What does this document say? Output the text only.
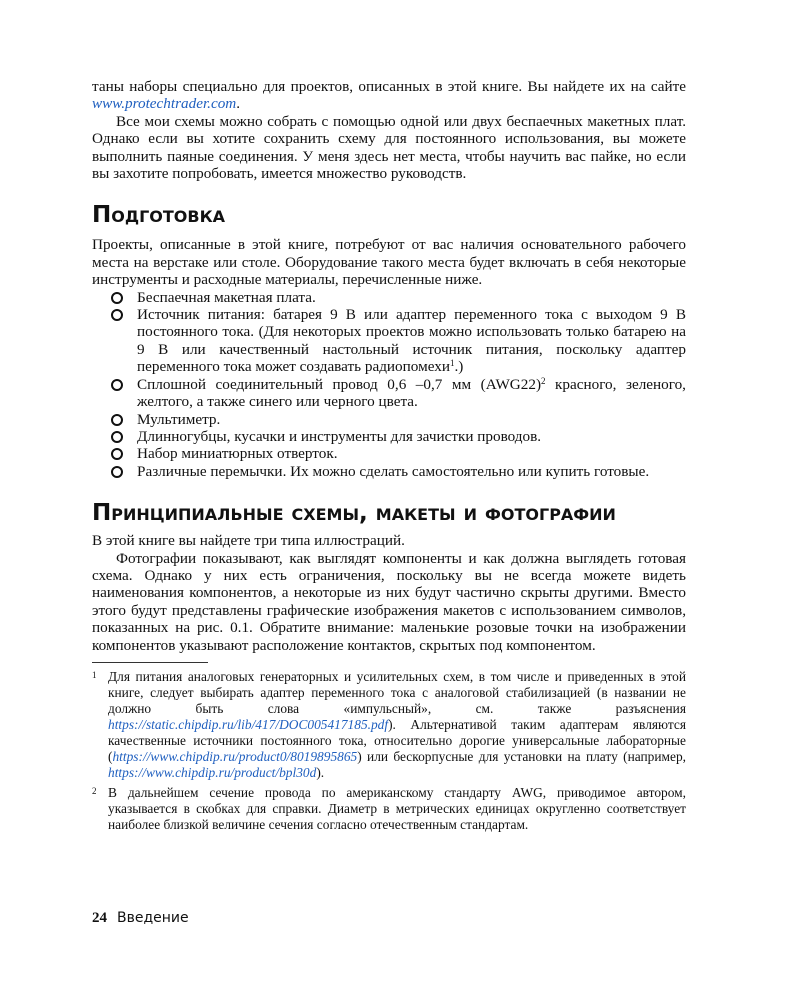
таны наборы специально для проектов, описанных в этой книге. Вы найдете их на сайте www.protechtrader.com.

Все мои схемы можно собрать с помощью одной или двух беспаечных макетных плат. Однако если вы хотите сохранить схему для постоянного использования, вы можете выполнить паяные соединения. У меня здесь нет места, чтобы научить вас пайке, но если вы захотите попробовать, имеется множество руководств.

Подготовка

Проекты, описанные в этой книге, потребуют от вас наличия основательного рабочего места на верстаке или столе. Оборудование такого места будет включать в себя некоторые инструменты и расходные материалы, перечисленные ниже.

Беспаечная макетная плата.
Источник питания: батарея 9 В или адаптер переменного тока с выходом 9 В постоянного тока. (Для некоторых проектов можно использовать только батарею на 9 В или качественный настольный источник питания, поскольку адаптер переменного тока может создавать радиопомехи$^1$.)
Сплошной соединительный провод 0,6 –0,7 мм $(AWG22)^2$ красного, зеленого, желтого, а также синего или черного цвета.
Мультиметр.
Длинногубцы, кусачки и инструменты для зачистки проводов.
Набор миниатюрных отверток.
Различные перемычки. Их можно сделать самостоятельно или купить готовые.
Принципиальные схемы, макеты и фотографии

В этой книге вы найдете три типа иллюстраций.

Фотографии показывают, как выглядят компоненты и как должна выглядеть готовая схема. Однако у них есть ограничения, поскольку вы не всегда можете видеть наименования компонентов, а некоторые из них будут частично скрыты другими. Вместо этого будут представлены графические изображения макетов с использованием символов, показанных на рис. 0.1. Обратите внимание: маленькие розовые точки на изображении компонентов указывают расположение контактов, скрытых под компонентом.

1 Для питания аналоговых генераторных и усилительных схем, в том числе и приведенных в этой книге, следует выбирать адаптер переменного тока с аналоговой стабилизацией (в названии не должно быть слова «импульсный», см. также разъяснения https://static.chipdip.ru/lib/417/DOC005417185.pdf). Альтернативой таким адаптерам являются качественные источники постоянного тока, относительно дорогие универсальные лабораторные (https://www.chipdip.ru/product0/8019895865) или бескорпусные для установки на плату (например, https://www.chipdip.ru/product/bpl30d).
2 В дальнейшем сечение провода по американскому стандарту AWG, приводимое автором, указывается в скобках для справки. Диаметр в метрических единицах округленно соответствует наиболее близкой величине сечения согласно отечественным стандартам.
24 Введение
